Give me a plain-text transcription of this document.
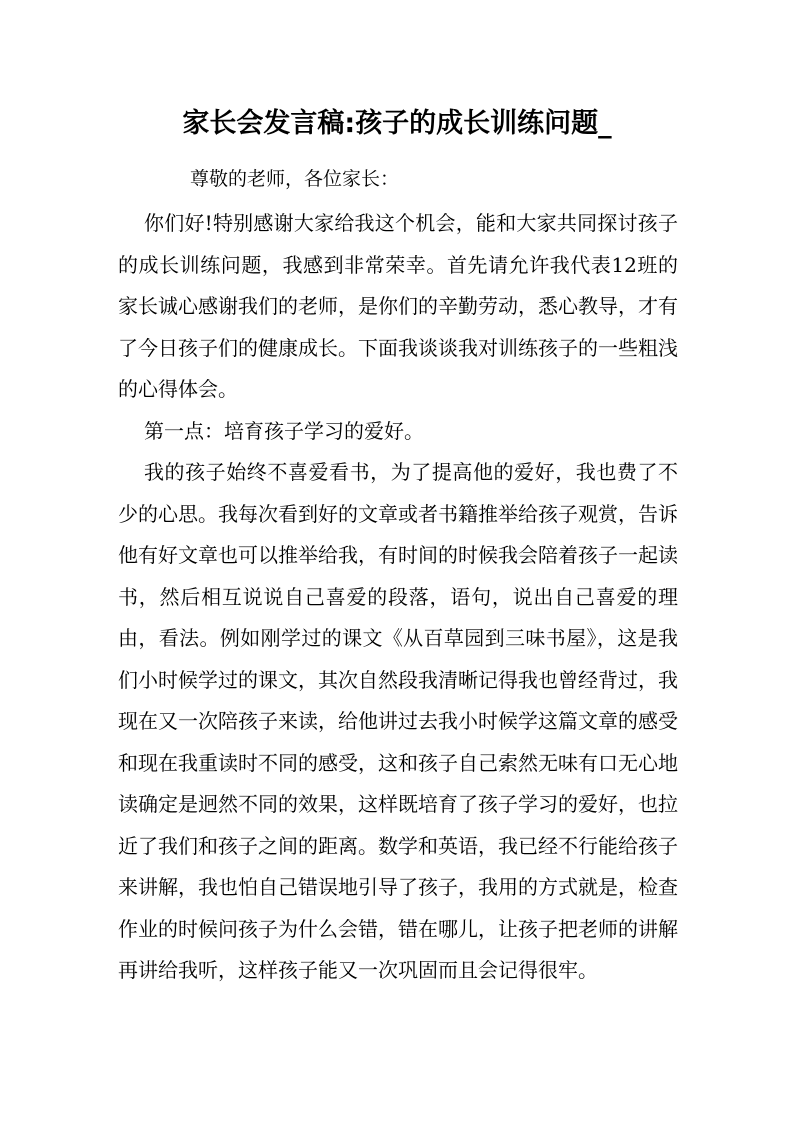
家长会发言稿:孩子的成长训练问题_

尊敬的老师，各位家长：

你们好!特别感谢大家给我这个机会，能和大家共同探讨孩子的成长训练问题，我感到非常荣幸。首先请允许我代表12班的家长诚心感谢我们的老师，是你们的辛勤劳动，悉心教导，才有了今日孩子们的健康成长。下面我谈谈我对训练孩子的一些粗浅的心得体会。

第一点：培育孩子学习的爱好。

我的孩子始终不喜爱看书，为了提高他的爱好，我也费了不少的心思。我每次看到好的文章或者书籍推举给孩子观赏，告诉他有好文章也可以推举给我，有时间的时候我会陪着孩子一起读书，然后相互说说自己喜爱的段落，语句，说出自己喜爱的理由，看法。例如刚学过的课文《从百草园到三味书屋》，这是我们小时候学过的课文，其次自然段我清晰记得我也曾经背过，我现在又一次陪孩子来读，给他讲过去我小时候学这篇文章的感受和现在我重读时不同的感受，这和孩子自己索然无味有口无心地读确定是迥然不同的效果，这样既培育了孩子学习的爱好，也拉近了我们和孩子之间的距离。数学和英语，我已经不行能给孩子来讲解，我也怕自己错误地引导了孩子，我用的方式就是，检查作业的时候问孩子为什么会错，错在哪儿，让孩子把老师的讲解再讲给我听，这样孩子能又一次巩固而且会记得很牢。
